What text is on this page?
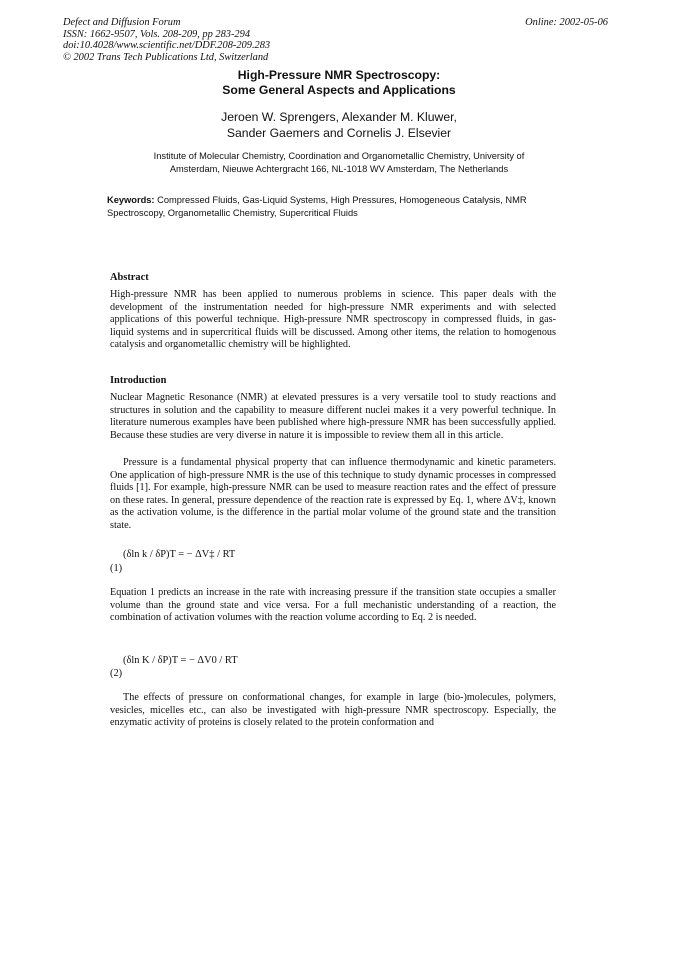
Defect and Diffusion Forum
ISSN: 1662-9507, Vols. 208-209, pp 283-294
doi:10.4028/www.scientific.net/DDF.208-209.283
© 2002 Trans Tech Publications Ltd, Switzerland
Online: 2002-05-06
High-Pressure NMR Spectroscopy:
Some General Aspects and Applications
Jeroen W. Sprengers, Alexander M. Kluwer,
Sander Gaemers and Cornelis J. Elsevier
Institute of Molecular Chemistry, Coordination and Organometallic Chemistry, University of
Amsterdam, Nieuwe Achtergracht 166, NL-1018 WV Amsterdam, The Netherlands
Keywords: Compressed Fluids, Gas-Liquid Systems, High Pressures, Homogeneous Catalysis, NMR Spectroscopy, Organometallic Chemistry, Supercritical Fluids
Abstract
High-pressure NMR has been applied to numerous problems in science. This paper deals with the development of the instrumentation needed for high-pressure NMR experiments and with selected applications of this powerful technique. High-pressure NMR spectroscopy in compressed fluids, in gas-liquid systems and in supercritical fluids will be discussed. Among other items, the relation to homogenous catalysis and organometallic chemistry will be highlighted.
Introduction
Nuclear Magnetic Resonance (NMR) at elevated pressures is a very versatile tool to study reactions and structures in solution and the capability to measure different nuclei makes it a very powerful technique. In literature numerous examples have been published where high-pressure NMR has been successfully applied. Because these studies are very diverse in nature it is impossible to review them all in this article.
Pressure is a fundamental physical property that can influence thermodynamic and kinetic parameters. One application of high-pressure NMR is the use of this technique to study dynamic processes in compressed fluids [1]. For example, high-pressure NMR can be used to measure reaction rates and the effect of pressure on these rates. In general, pressure dependence of the reaction rate is expressed by Eq. 1, where ΔV‡, known as the activation volume, is the difference in the partial molar volume of the ground state and the transition state.
(δln k / δP)T = − ΔV‡ / RT
(1)
Equation 1 predicts an increase in the rate with increasing pressure if the transition state occupies a smaller volume than the ground state and vice versa. For a full mechanistic understanding of a reaction, the combination of activation volumes with the reaction volume according to Eq. 2 is needed.
(δln K / δP)T = − ΔV0 / RT
(2)
The effects of pressure on conformational changes, for example in large (bio-)molecules, polymers, vesicles, micelles etc., can also be investigated with high-pressure NMR spectroscopy. Especially, the enzymatic activity of proteins is closely related to the protein conformation and
